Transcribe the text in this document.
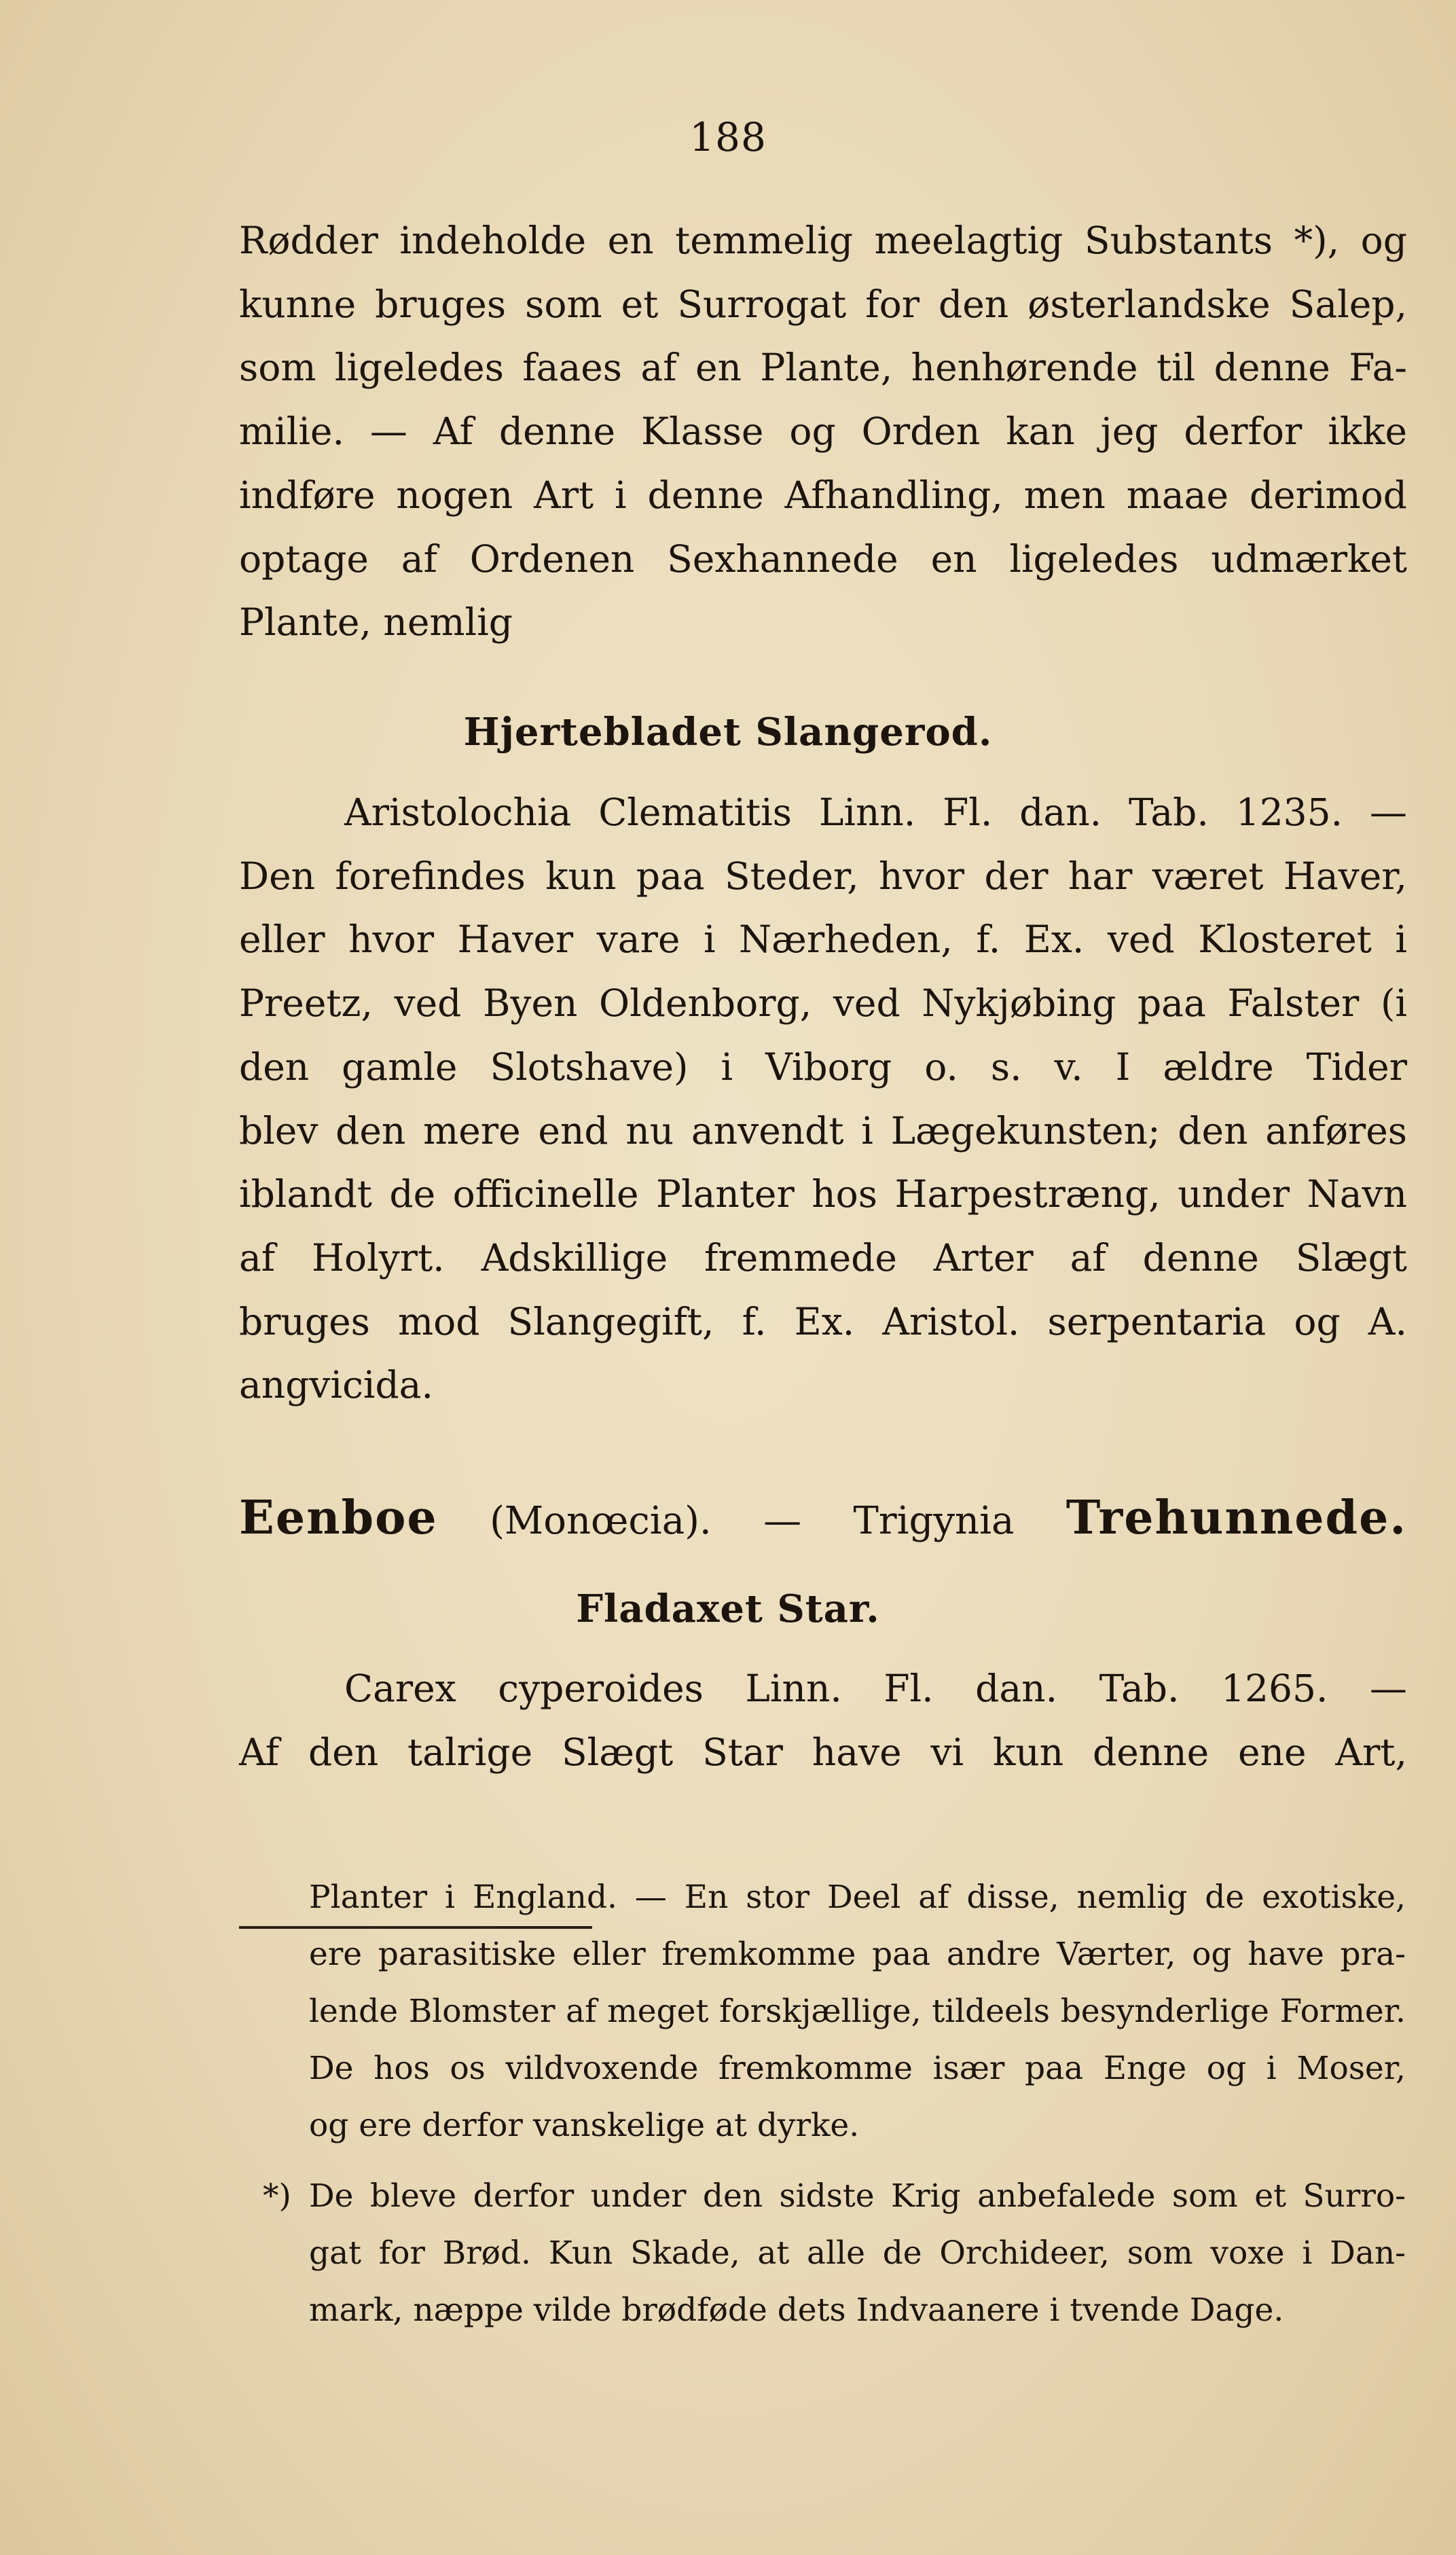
188
Rødder indeholde en temmelig meelagtig Substants *), og
kunne bruges som et Surrogat for den østerlandske Salep,
som ligeledes faaes af en Plante, henhørende til denne Fa-
milie. — Af denne Klasse og Orden kan jeg derfor ikke
indføre nogen Art i denne Afhandling, men maae derimod
optage af Ordenen Sexhannede en ligeledes udmærket
Plante, nemlig
Hjertebladet Slangerod.
Aristolochia Clematitis Linn. Fl. dan. Tab. 1235. —
Den forefindes kun paa Steder, hvor der har været Haver,
eller hvor Haver vare i Nærheden, f. Ex. ved Klosteret i
Preetz, ved Byen Oldenborg, ved Nykjøbing paa Falster (i
den gamle Slotshave) i Viborg o. s. v. I ældre Tider
blev den mere end nu anvendt i Lægekunsten; den anføres
iblandt de officinelle Planter hos Harpestræng, under Navn
af Holyrt. Adskillige fremmede Arter af denne Slægt
bruges mod Slangegift, f. Ex. Aristol. serpentaria og A.
angvicida.
Eenboe (Monœcia). — Trigynia Trehunnede.
Fladaxet Star.
Carex cyperoides Linn. Fl. dan. Tab. 1265. —
Af den talrige Slægt Star have vi kun denne ene Art,
Planter i England. — En stor Deel af disse, nemlig de exotiske,
ere parasitiske eller fremkomme paa andre Værter, og have pra-
lende Blomster af meget forskjællige, tildeels besynderlige Former.
De hos os vildvoxende fremkomme især paa Enge og i Moser,
og ere derfor vanskelige at dyrke.
*) De bleve derfor under den sidste Krig anbefalede som et Surro-
gat for Brød. Kun Skade, at alle de Orchideer, som voxe i Dan-
mark, næppe vilde brødføde dets Indvaanere i tvende Dage.
